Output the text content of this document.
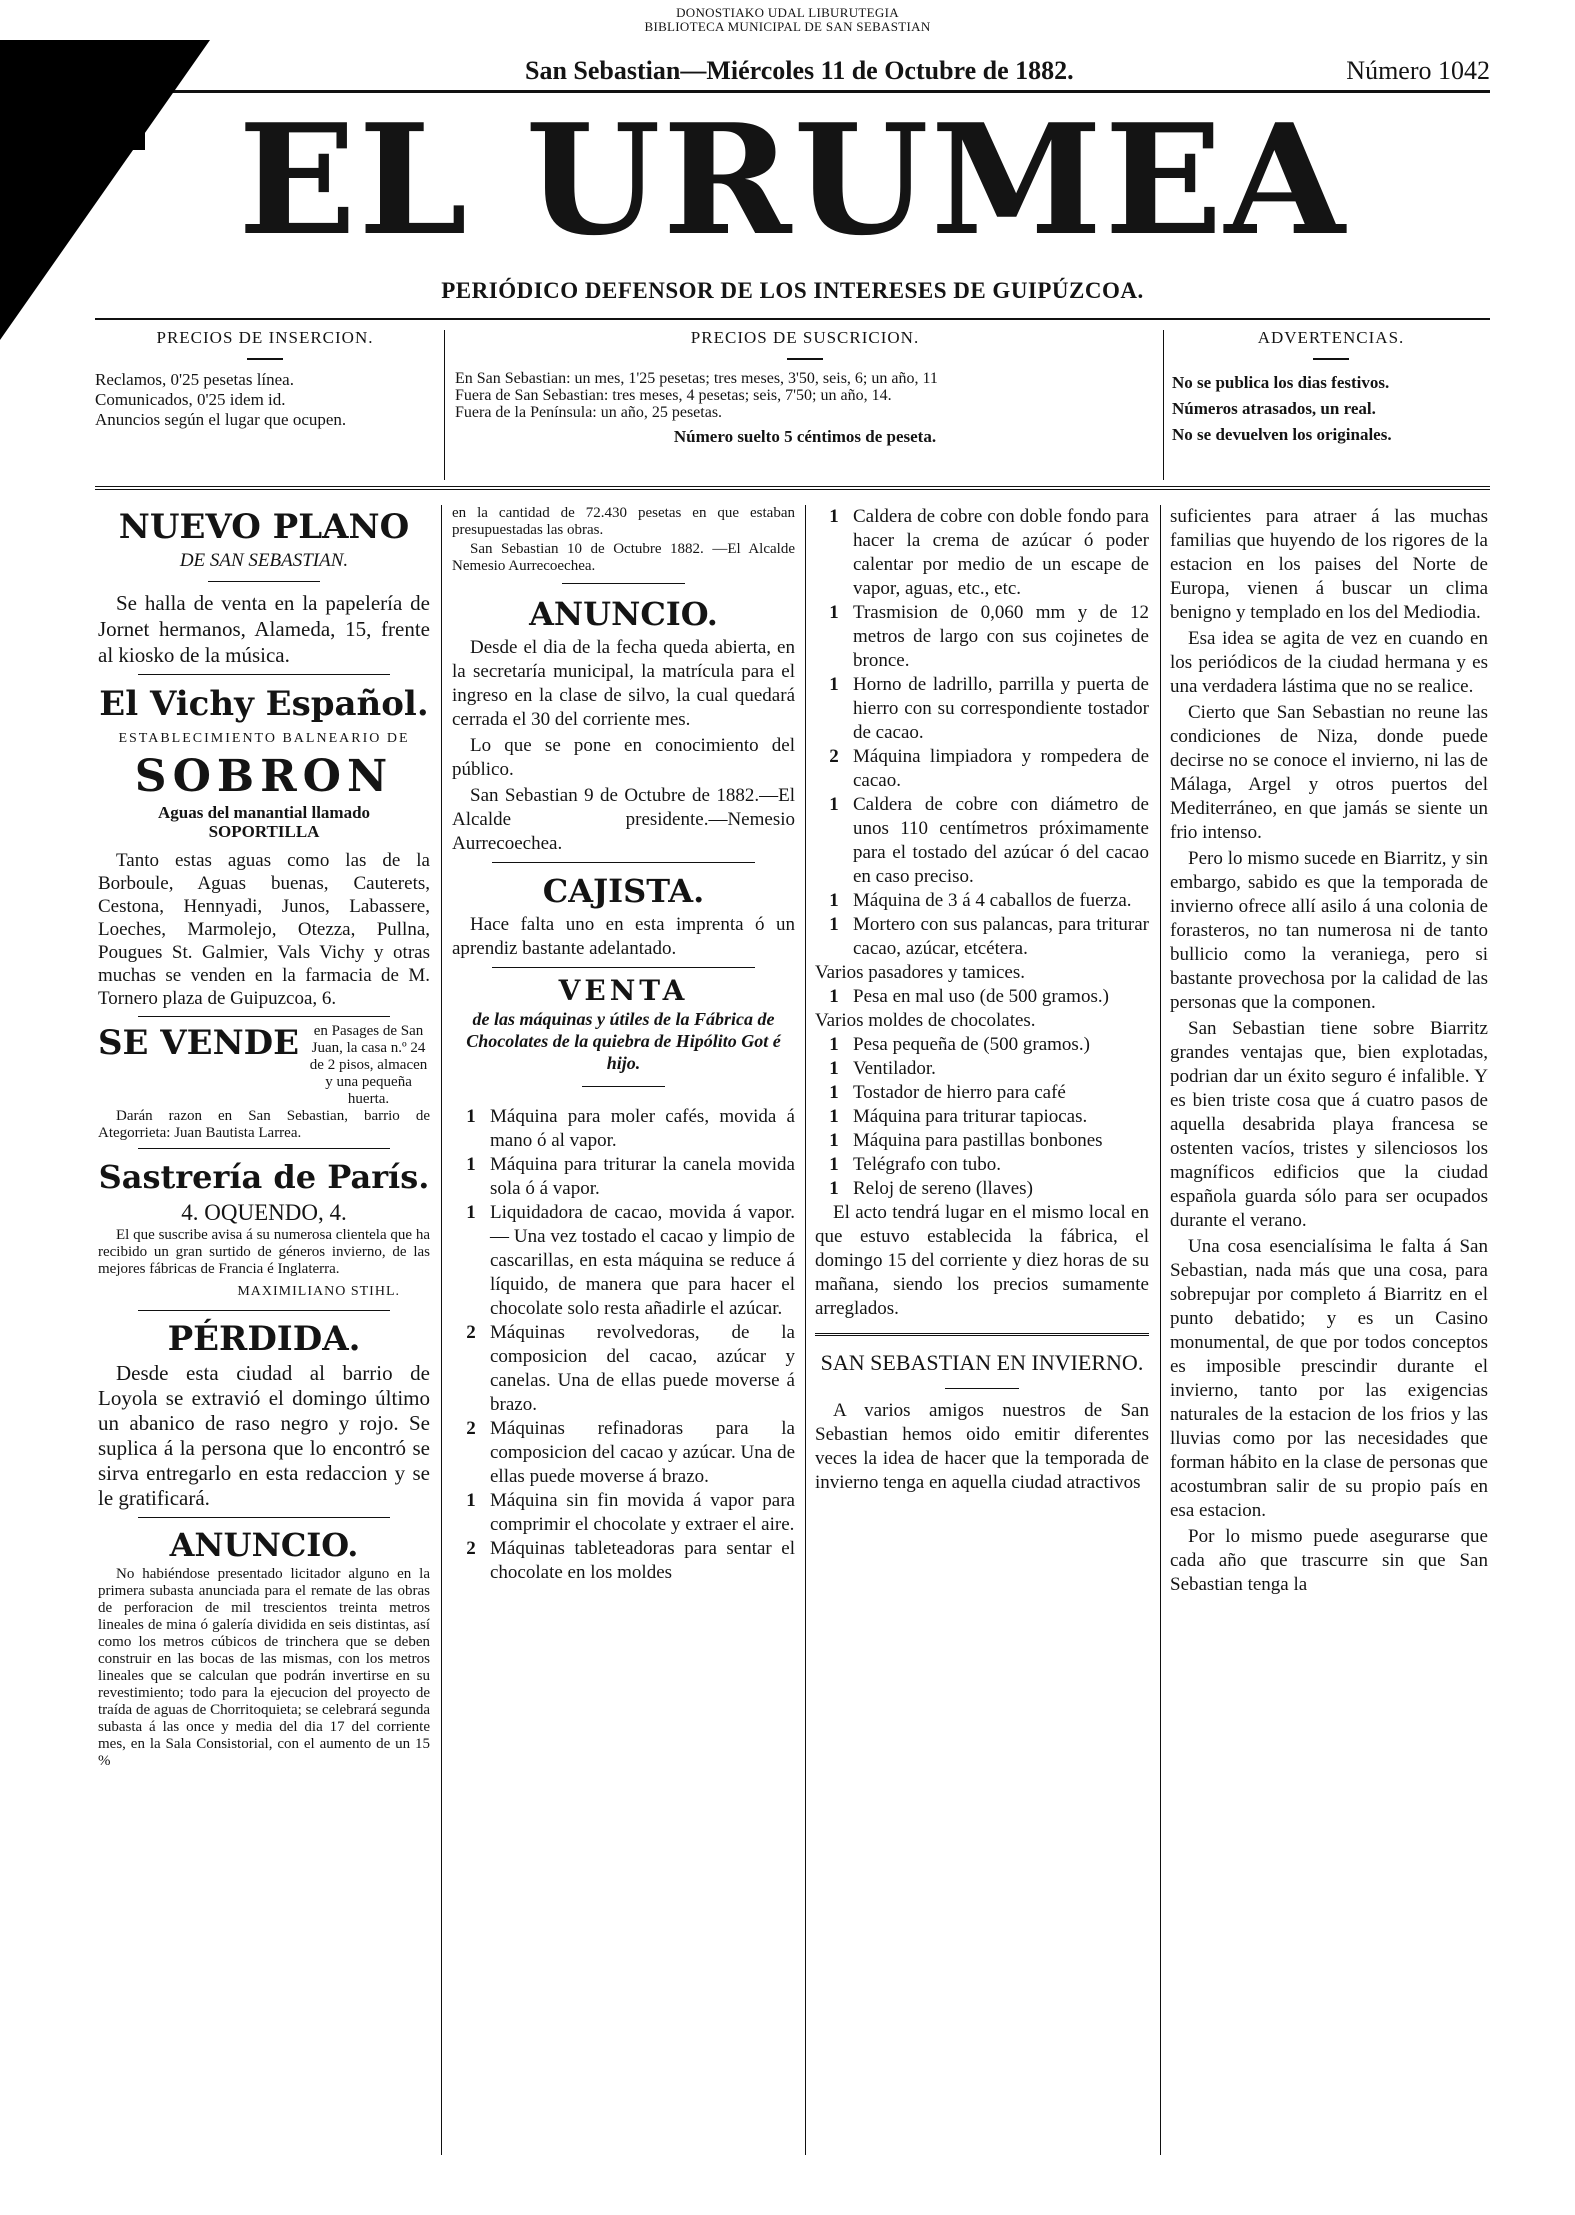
DONOSTIAKO UDAL LIBURUTEGIA
BIBLIOTECA MUNICIPAL DE SAN SEBASTIAN
San Sebastian—Miércoles 11 de Octubre de 1882.	Número 1042
EL URUMEA
PERIÓDICO DEFENSOR DE LOS INTERESES DE GUIPÚZCOA.
PRECIOS DE INSERCION.
Reclamos, 0'25 pesetas línea.
Comunicados, 0'25 idem id.
Anuncios según el lugar que ocupen.
PRECIOS DE SUSCRICION.
En San Sebastian: un mes, 1'25 pesetas; tres meses, 3'50, seis, 6; un año, 11
Fuera de San Sebastian: tres meses, 4 pesetas; seis, 7'50; un año, 14.
Fuera de la Península: un año, 25 pesetas.
Número suelto 5 céntimos de peseta.
ADVERTENCIAS.
No se publica los dias festivos.
Números atrasados, un real.
No se devuelven los originales.
NUEVO PLANO
DE SAN SEBASTIAN.

Se halla de venta en la papelería de Jornet hermanos, Alameda, 15, frente al kiosko de la música.

El Vichy Español.
ESTABLECIMIENTO BALNEARIO DE
SOBRON
Aguas del manantial llamado SOPORTILLA

Tanto estas aguas como las de la Borboule, Aguas buenas, Cauterets, Cestona, Hennyadi, Junos, Labassere, Loeches, Marmolejo, Otezza, Pullna, Pougues St. Galmier, Vals Vichy y otras muchas se venden en la farmacia de M. Tornero plaza de Guipuzcoa, 6.

SE VENDE en Pasages de San Juan, la casa n.º 24 de 2 pisos, almacen y una pequeña huerta.

Darán razon en San Sebastian, barrio de Ategorrieta: Juan Bautista Larrea.

Sastrería de París.
4. OQUENDO, 4.

El que suscribe avisa á su numerosa clientela que ha recibido un gran surtido de géneros invierno, de las mejores fábricas de Francia é Inglaterra.

MAXIMILIANO STIHL.
PÉRDIDA.

Desde esta ciudad al barrio de Loyola se extravió el domingo último un abanico de raso negro y rojo. Se suplica á la persona que lo encontró se sirva entregarlo en esta redaccion y se le gratificará.

ANUNCIO.

No habiéndose presentado licitador alguno en la primera subasta anunciada para el remate de las obras de perforacion de mil trescientos treinta metros lineales de mina ó galería dividida en seis distintas, así como los metros cúbicos de trinchera que se deben construir en las bocas de las mismas, con los metros lineales que se calculan que podrán invertirse en su revestimiento; todo para la ejecucion del proyecto de traída de aguas de Chorritoquieta; se celebrará segunda subasta á las once y media del dia 17 del corriente mes, en la Sala Consistorial, con el aumento de un 15 %

en la cantidad de 72.430 pesetas en que estaban presupuestadas las obras.

San Sebastian 10 de Octubre 1882. —El Alcalde Nemesio Aurrecoechea.

ANUNCIO.

Desde el dia de la fecha queda abierta, en la secretaría municipal, la matrícula para el ingreso en la clase de silvo, la cual quedará cerrada el 30 del corriente mes.

Lo que se pone en conocimiento del público.

San Sebastian 9 de Octubre de 1882.—El Alcalde presidente.—Nemesio Aurrecoechea.

CAJISTA.

Hace falta uno en esta imprenta ó un aprendiz bastante adelantado.

VENTA
de las máquinas y útiles de la Fábrica de Chocolates de la quiebra de Hipólito Got é hijo.
1 Máquina para moler cafés, movida á mano ó al vapor.
1 Máquina para triturar la canela movida sola ó á vapor.
1 Liquidadora de cacao, movida á vapor. — Una vez tostado el cacao y limpio de cascarillas, en esta máquina se reduce á líquido, de manera que para hacer el chocolate solo resta añadirle el azúcar.
2 Máquinas revolvedoras, de la composicion del cacao, azúcar y canelas. Una de ellas puede moverse á brazo.
2 Máquinas refinadoras para la composicion del cacao y azúcar. Una de ellas puede moverse á brazo.
1 Máquina sin fin movida á vapor para comprimir el chocolate y extraer el aire.
2 Máquinas tableteadoras para sentar el chocolate en los moldes
1 Caldera de cobre con doble fondo para hacer la crema de azúcar ó poder calentar por medio de un escape de vapor, aguas, etc., etc.
1 Trasmision de 0,060 mm y de 12 metros de largo con sus cojinetes de bronce.
1 Horno de ladrillo, parrilla y puerta de hierro con su correspondiente tostador de cacao.
2 Máquina limpiadora y rompedera de cacao.
1 Caldera de cobre con diámetro de unos 110 centímetros próximamente para el tostado del azúcar ó del cacao en caso preciso.
1 Máquina de 3 á 4 caballos de fuerza.
1 Mortero con sus palancas, para triturar cacao, azúcar, etcétera.
Varios pasadores y tamices.
1 Pesa en mal uso (de 500 gramos.)
Varios moldes de chocolates.
1 Pesa pequeña de (500 gramos.)
1 Ventilador.
1 Tostador de hierro para café
1 Máquina para triturar tapiocas.
1 Máquina para pastillas bonbones
1 Telégrafo con tubo.
1 Reloj de sereno (llaves)

El acto tendrá lugar en el mismo local en que estuvo establecida la fábrica, el domingo 15 del corriente y diez horas de su mañana, siendo los precios sumamente arreglados.

SAN SEBASTIAN EN INVIERNO.

A varios amigos nuestros de San Sebastian hemos oido emitir diferentes veces la idea de hacer que la temporada de invierno tenga en aquella ciudad atractivos

suficientes para atraer á las muchas familias que huyendo de los rigores de la estacion en los paises del Norte de Europa, vienen á buscar un clima benigno y templado en los del Mediodia.

Esa idea se agita de vez en cuando en los periódicos de la ciudad hermana y es una verdadera lástima que no se realice.

Cierto que San Sebastian no reune las condiciones de Niza, donde puede decirse no se conoce el invierno, ni las de Málaga, Argel y otros puertos del Mediterráneo, en que jamás se siente un frio intenso.

Pero lo mismo sucede en Biarritz, y sin embargo, sabido es que la temporada de invierno ofrece allí asilo á una colonia de forasteros, no tan numerosa ni de tanto bullicio como la veraniega, pero si bastante provechosa por la calidad de las personas que la componen.

San Sebastian tiene sobre Biarritz grandes ventajas que, bien explotadas, podrian dar un éxito seguro é infalible. Y es bien triste cosa que á cuatro pasos de aquella desabrida playa francesa se ostenten vacíos, tristes y silenciosos los magníficos edificios que la ciudad española guarda sólo para ser ocupados durante el verano.

Una cosa esencialísima le falta á San Sebastian, nada más que una cosa, para sobrepujar por completo á Biarritz en el punto debatido; y es un Casino monumental, de que por todos conceptos es imposible prescindir durante el invierno, tanto por las exigencias naturales de la estacion de los frios y las lluvias como por las necesidades que forman hábito en la clase de personas que acostumbran salir de su propio país en esa estacion.

Por lo mismo puede asegurarse que cada año que trascurre sin que San Sebastian tenga la
